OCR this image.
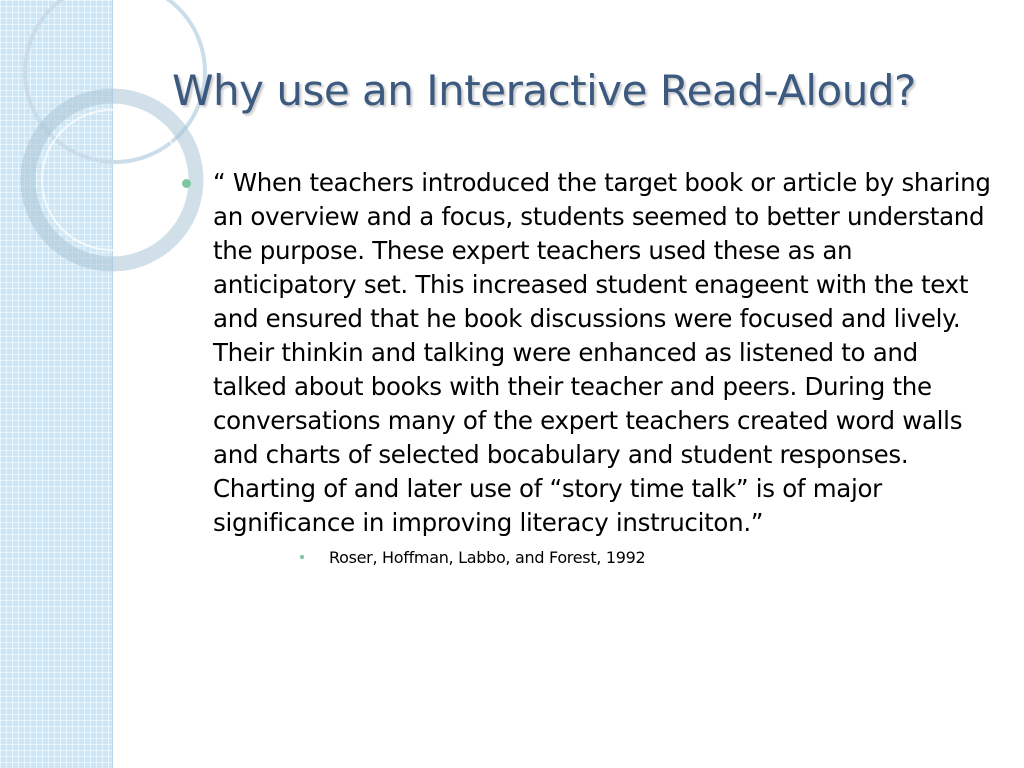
Why use an Interactive Read-Aloud?

“ When teachers introduced the target book or article by sharing an overview and a focus, students seemed to better understand the purpose. These expert teachers used these as an anticipatory set. This increased student enageent with the text and ensured that he book discussions were focused and lively. Their thinkin and talking were enhanced as listened to and talked about books with their teacher and peers. During the conversations many of the expert teachers created word walls and charts of selected bocabulary and student responses. Charting of and later use of “story time talk” is of major significance in improving literacy instruciton.”

Roser, Hoffman, Labbo, and Forest, 1992
